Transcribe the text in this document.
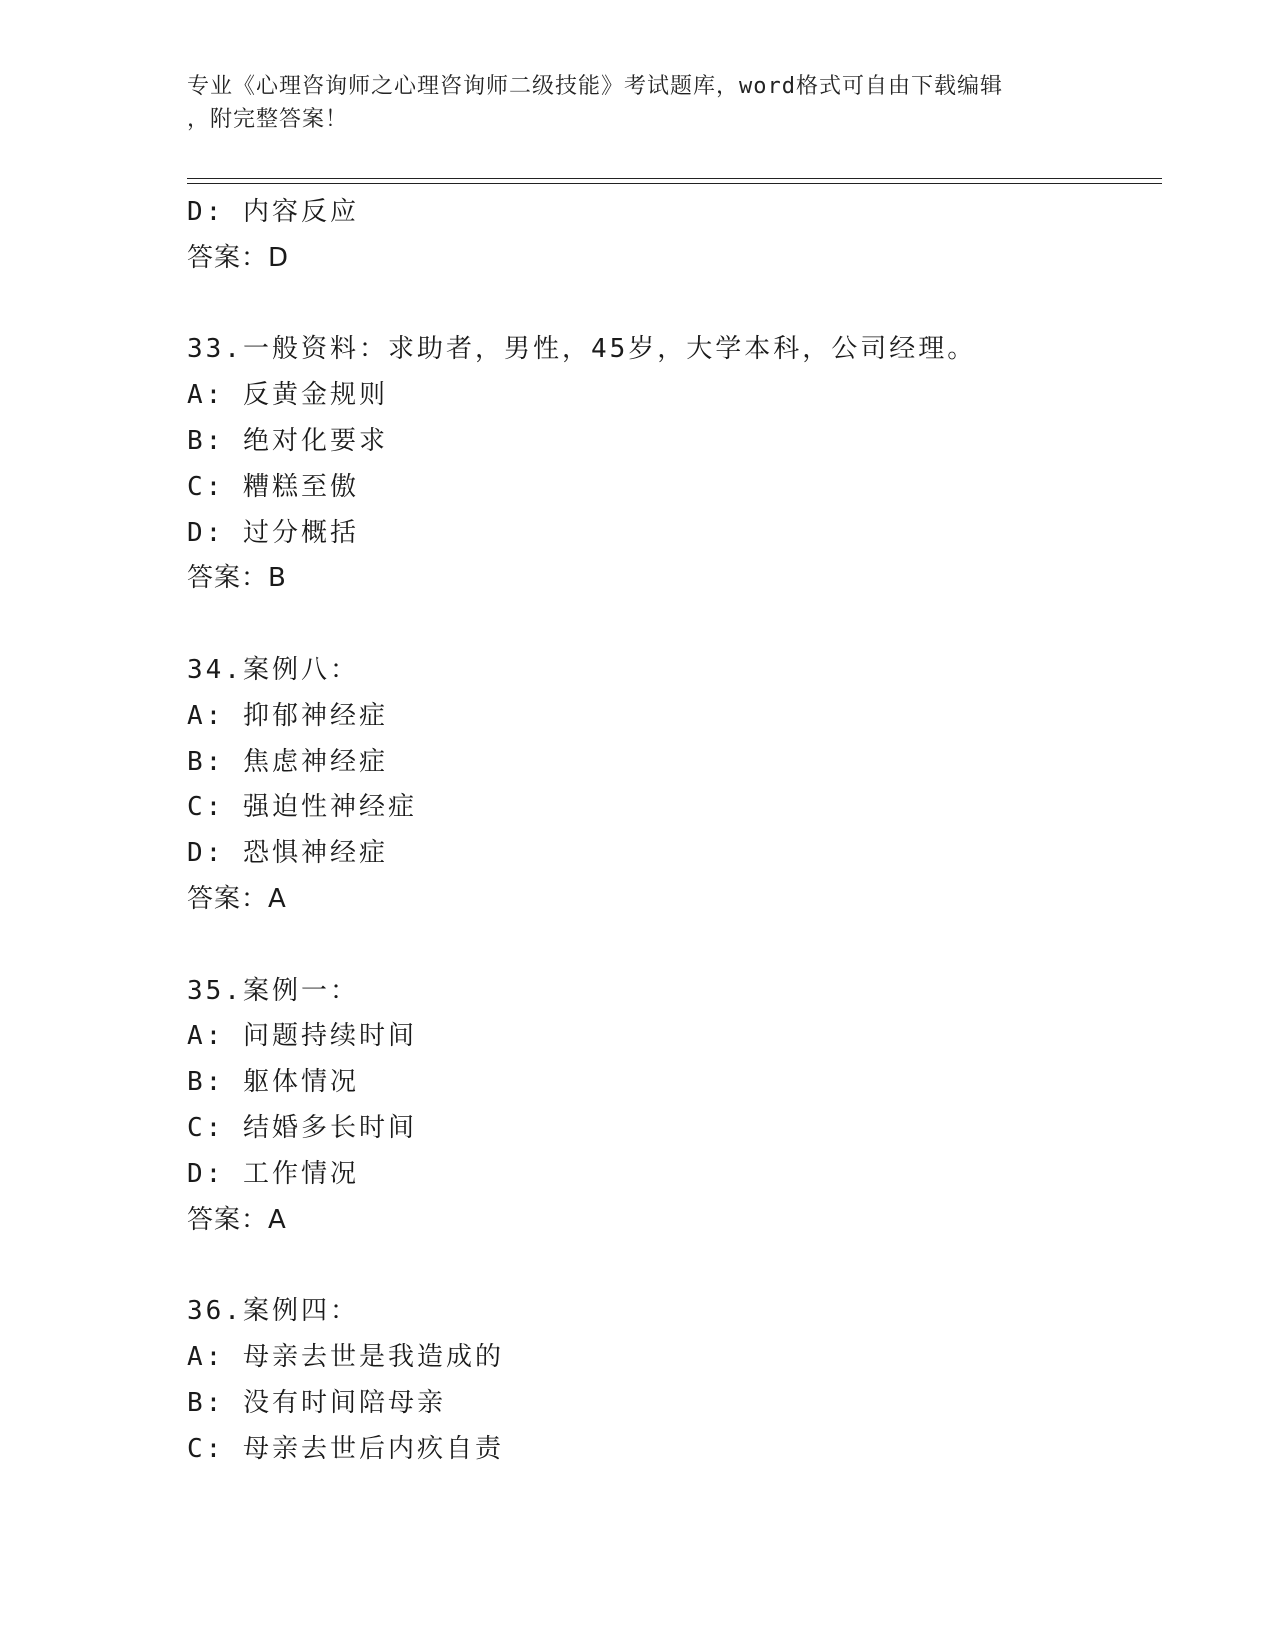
专业《心理咨询师之心理咨询师二级技能》考试题库，word格式可自由下载编辑
，附完整答案！
D: 内容反应
答案：D
33.一般资料：求助者，男性，45岁，大学本科，公司经理。
A: 反黄金规则
B: 绝对化要求
C: 糟糕至傲
D: 过分概括
答案：B
34.案例八：
A: 抑郁神经症
B: 焦虑神经症
C: 强迫性神经症
D: 恐惧神经症
答案：A
35.案例一：
A: 问题持续时间
B: 躯体情况
C: 结婚多长时间
D: 工作情况
答案：A
36.案例四：
A: 母亲去世是我造成的
B: 没有时间陪母亲
C: 母亲去世后内疚自责
